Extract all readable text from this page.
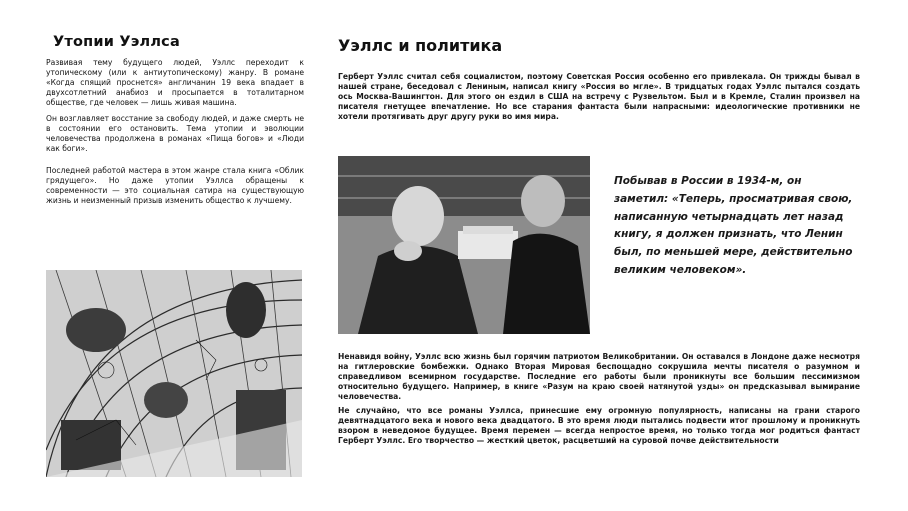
Утопии Уэллса

Развивая тему будущего людей, Уэллс переходит к утопическому (или к антиутопическому) жанру. В романе «Когда спящий проснется» англичанин 19 века впадает в двухсотлетний анабиоз и просыпается в тоталитарном обществе, где человек — лишь живая машина.

Он возглавляет восстание за свободу людей, и даже смерть не в состоянии его остановить. Тема утопии и эволюции человечества продолжена в романах «Пища богов» и «Люди как боги».

Последней работой мастера в этом жанре стала книга «Облик грядущего». Но даже утопии Уэллса обращены к современности — это социальная сатира на существующую жизнь и неизменный призыв изменить общество к лучшему.

Уэллс и политика

Герберт Уэллс считал себя социалистом, поэтому Советская Россия особенно его привлекала. Он трижды бывал в нашей стране, беседовал с Лениным, написал книгу «Россия во мгле». В тридцатых годах Уэллс пытался создать ось Москва-Вашингтон. Для этого он ездил в США на встречу с Рузвельтом. Был и в Кремле, Сталин произвел на писателя гнетущее впечатление. Но все старания фантаста были напрасными: идеологические противники не хотели протягивать друг другу руки во имя мира.

Побывав в России в 1934-м, он заметил: «Теперь, просматривая свою, написанную четырнадцать лет назад книгу, я должен признать, что Ленин был, по меньшей мере, действительно великим человеком».

Ненавидя войну, Уэллс всю жизнь был горячим патриотом Великобритании. Он оставался в Лондоне даже несмотря на гитлеровские бомбежки. Однако Вторая Мировая беспощадно сокрушила мечты писателя о разумном и справедливом всемирном государстве. Последние его работы были проникнуты все большим пессимизмом относительно будущего. Например, в книге «Разум на краю своей натянутой узды» он предсказывал вымирание человечества.

Не случайно, что все романы Уэллса, принесшие ему огромную популярность, написаны на грани старого девятнадцатого века и нового века двадцатого. В это время люди пытались подвести итог прошлому и проникнуть взором в неведомое будущее. Время перемен — всегда непростое время, но только тогда мог родиться фантаст Герберт Уэллс. Его творчество — жесткий цветок, расцветший на суровой почве действительности
